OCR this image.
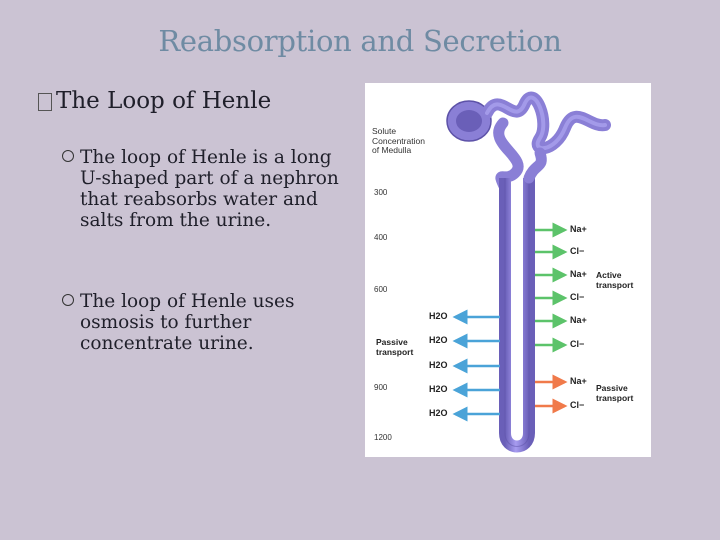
Reabsorption and Secretion
The Loop of Henle
The loop of Henle is a long U-shaped part of a nephron that reabsorbs water and salts from the urine.
The loop of Henle uses osmosis to further concentrate urine.
Solute Concentration of Medulla
300
400
600
900
1200
Na+
Cl−
Na+
Cl−
Na+
Cl−
Na+
Cl−
H2O
H2O
H2O
H2O
H2O
Active transport
Passive transport
Passive transport
